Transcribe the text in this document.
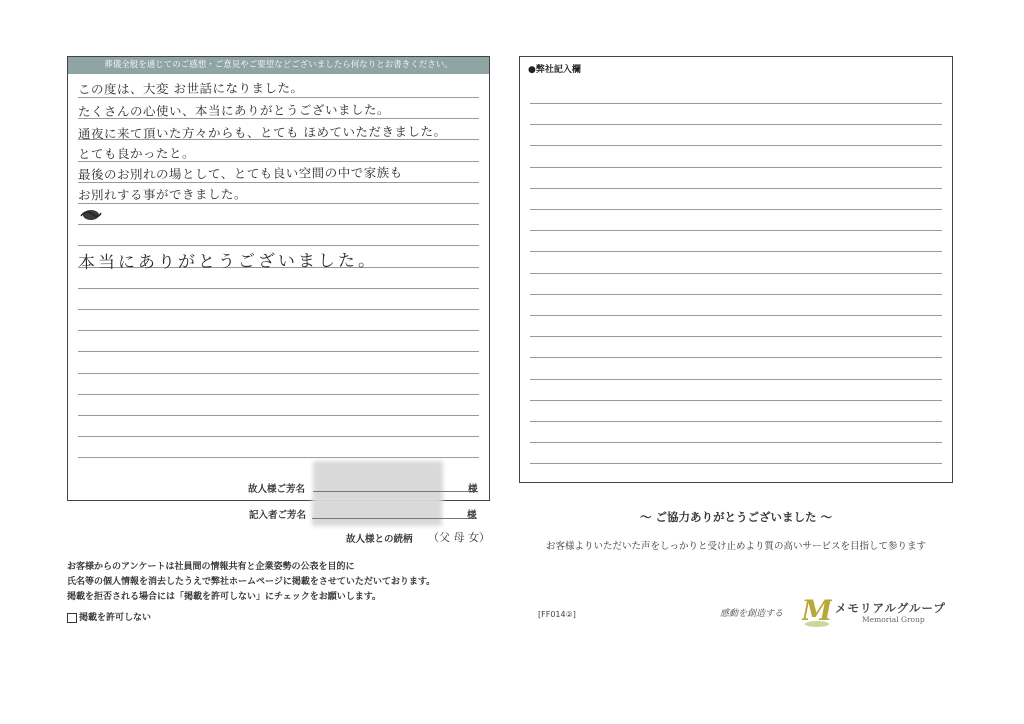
葬儀全般を通じてのご感想・ご意見やご要望などございましたら何なりとお書きください。
この度は、大変 お世話になりました。
たくさんの心使い、本当にありがとうございました。
通夜に来て頂いた方々からも、とても ほめていただきました。
とても良かったと。
最後のお別れの場として、とても良い空間の中で家族も
お別れする事ができました。
本当にありがとうございました。
故人様ご芳名	様
記入者ご芳名	様
故人様との続柄 （父 母 女）
●弊社記入欄
〜 ご協力ありがとうございました 〜
お客様よりいただいた声をしっかりと受け止めより質の高いサービスを目指して参ります
お客様からのアンケートは社員間の情報共有と企業姿勢の公表を目的に
氏名等の個人情報を消去したうえで弊社ホームページに掲載をさせていただいております。
掲載を拒否される場合には「掲載を許可しない」にチェックをお願いします。
掲載を許可しない	[FF014②]	感動を創造する M メモリアルグループ
Memorial Group
